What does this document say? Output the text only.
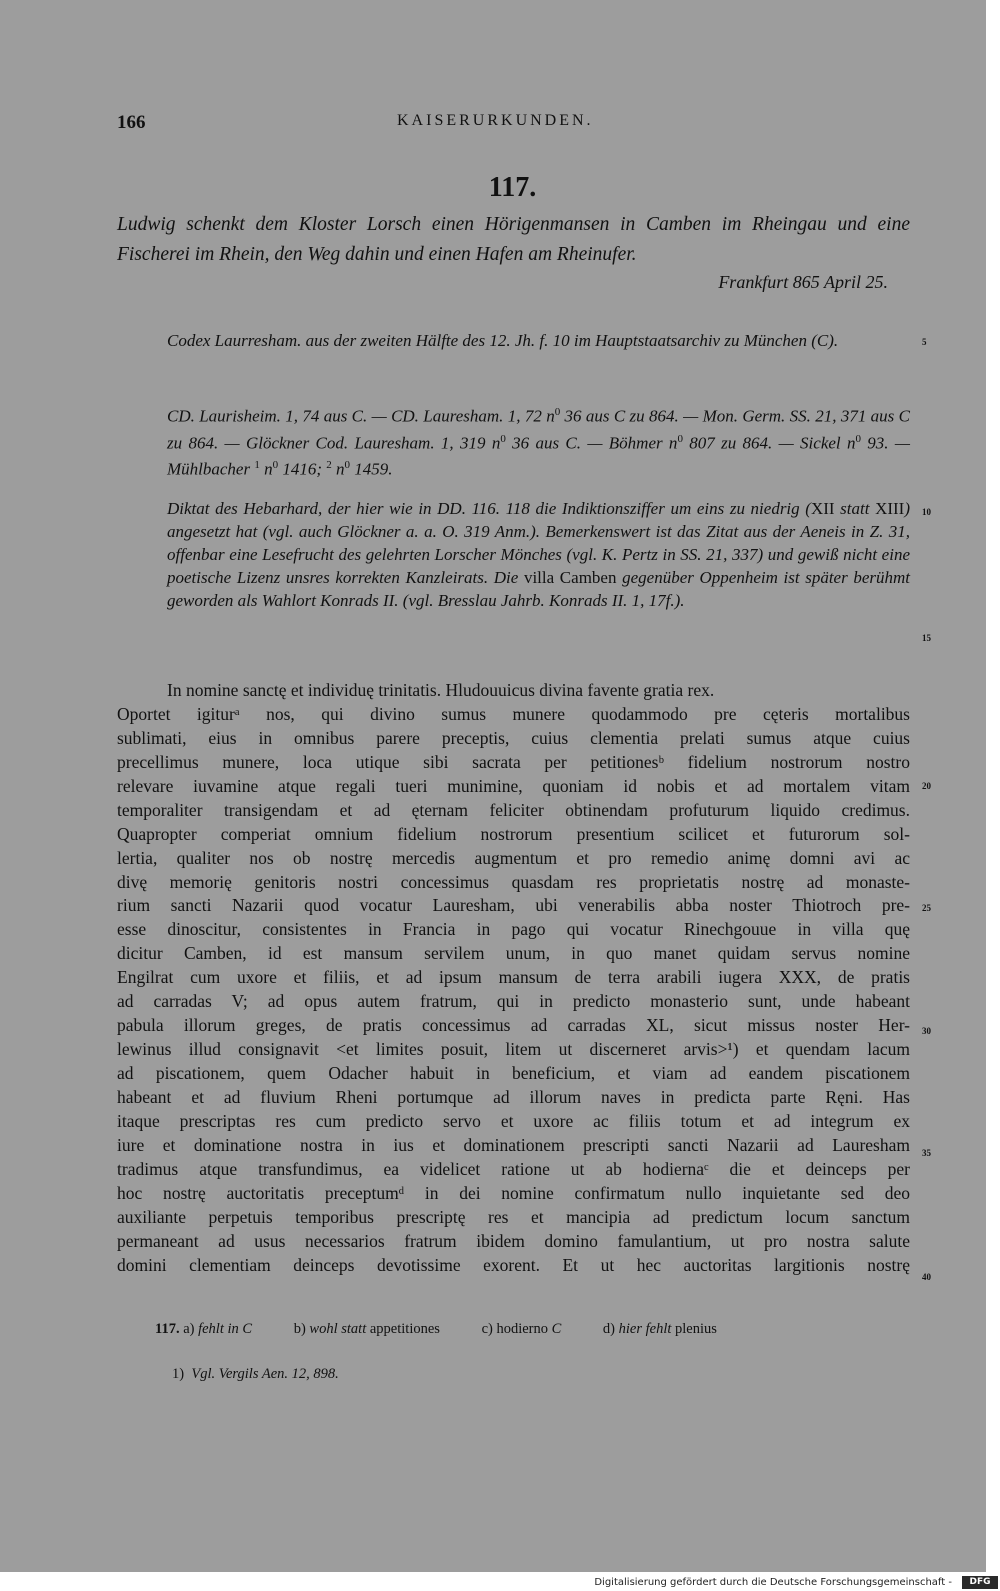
166	KAISERURKUNDEN.
117.
Ludwig schenkt dem Kloster Lorsch einen Hörigenmansen in Camben im Rheingau und eine Fischerei im Rhein, den Weg dahin und einen Hafen am Rheinufer.
Frankfurt 865 April 25.
Codex Laurresham. aus der zweiten Hälfte des 12. Jh. f. 10 im Hauptstaatsarchiv zu München (C).
CD. Laurisheim. 1, 74 aus C. — CD. Lauresham. 1, 72 $n^0$ 36 aus C zu 864. — Mon. Germ. SS. 21, 371 aus C zu 864. — Glöckner Cod. Lauresham. 1, 319 $n^0$ 36 aus C. — Böhmer $n^0$ 807 zu 864. — Sickel $n^0$ 93. — Mühlbacher $^1$ $n^0$ 1416; $^2$ $n^0$ 1459.
Diktat des Hebarhard, der hier wie in DD. 116. 118 die Indiktionsziffer um eins zu niedrig (XII statt XIII) angesetzt hat (vgl. auch Glöckner a. a. O. 319 Anm.). Bemerkenswert ist das Zitat aus der Aeneis in Z. 31, offenbar eine Lesefrucht des gelehrten Lorscher Mönches (vgl. K. Pertz in SS. 21, 337) und gewiß nicht eine poetische Lizenz unsres korrekten Kanzleirats. Die villa Camben gegenüber Oppenheim ist später berühmt geworden als Wahlort Konrads II. (vgl. Bresslau Jahrb. Konrads II. 1, 17f.).
In nomine sanctę et individuę trinitatis. Hludouuicus divina favente gratia rex.
Oportet igiturᵃ nos, qui divino sumus munere quodammodo pre cęteris mortalibus
sublimati, eius in omnibus parere preceptis, cuius clementia prelati sumus atque cuius
precellimus munere, loca utique sibi sacrata per petitionesᵇ fidelium nostrorum nostro
relevare iuvamine atque regali tueri munimine, quoniam id nobis et ad mortalem vitam
temporaliter transigendam et ad ęternam feliciter obtinendam profuturum liquido credimus.
Quapropter comperiat omnium fidelium nostrorum presentium scilicet et futurorum sol-
lertia, qualiter nos ob nostrę mercedis augmentum et pro remedio animę domni avi ac
divę memorię genitoris nostri concessimus quasdam res proprietatis nostrę ad monaste-
rium sancti Nazarii quod vocatur Lauresham, ubi venerabilis abba noster Thiotroch pre-
esse dinoscitur, consistentes in Francia in pago qui vocatur Rinechgouue in villa quę
dicitur Camben, id est mansum servilem unum, in quo manet quidam servus nomine
Engilrat cum uxore et filiis, et ad ipsum mansum de terra arabili iugera XXX, de pratis
ad carradas V; ad opus autem fratrum, qui in predicto monasterio sunt, unde habeant
pabula illorum greges, de pratis concessimus ad carradas XL, sicut missus noster Her-
lewinus illud consignavit <et limites posuit, litem ut discerneret arvis>¹) et quendam lacum
ad piscationem, quem Odacher habuit in beneficium, et viam ad eandem piscationem
habeant et ad fluvium Rheni portumque ad illorum naves in predicta parte Ręni. Has
itaque prescriptas res cum predicto servo et uxore ac filiis totum et ad integrum ex
iure et dominatione nostra in ius et dominationem prescripti sancti Nazarii ad Lauresham
tradimus atque transfundimus, ea videlicet ratione ut ab hodiernaᶜ die et deinceps per
hoc nostrę auctoritatis preceptumᵈ in dei nomine confirmatum nullo inquietante sed deo
auxiliante perpetuis temporibus prescriptę res et mancipia ad predictum locum sanctum
permaneant ad usus necessarios fratrum ibidem domino famulantium, ut pro nostra salute
domini clementiam deinceps devotissime exorent. Et ut hec auctoritas largitionis nostrę
5
10
15
20
25
30
35
40
117. a) fehlt in C	b) wohl statt appetitiones	c) hodierno C	d) hier fehlt plenius
1) Vgl. Vergils Aen. 12, 898.
Digitalisierung gefördert durch die Deutsche Forschungsgemeinschaft -	DFG
